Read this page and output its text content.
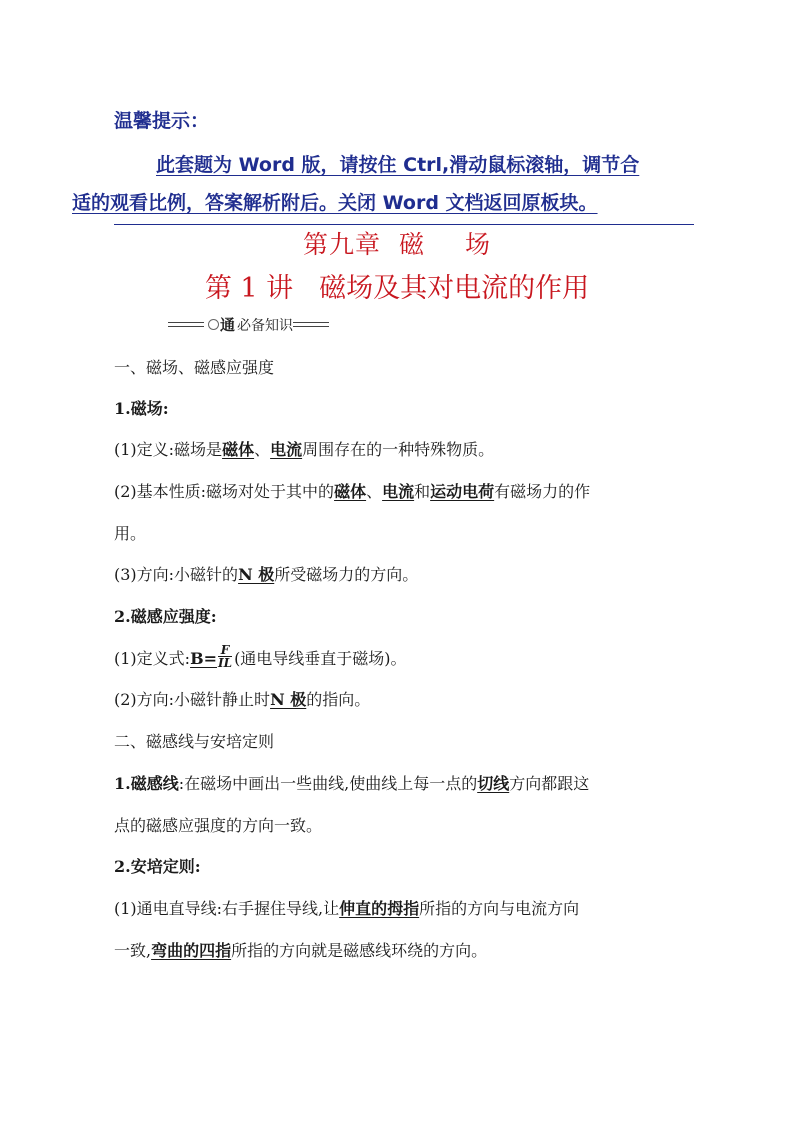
温馨提示：
此套题为 Word 版，请按住 Ctrl,滑动鼠标滚轴，调节合
适的观看比例，答案解析附后。关闭 Word 文档返回原板块。
第九章 磁 场
第 1 讲 磁场及其对电流的作用
通 必备知识
一、磁场、磁感应强度
1.磁场:
(1)定义:磁场是磁体、电流周围存在的一种特殊物质。
(2)基本性质:磁场对处于其中的磁体、电流和运动电荷有磁场力的作
用。
(3)方向:小磁针的N 极所受磁场力的方向。
2.磁感应强度:
(1)定义式:B= $\frac{F}{IL}$ (通电导线垂直于磁场)。
(2)方向:小磁针静止时N 极的指向。
二、磁感线与安培定则
1.磁感线:在磁场中画出一些曲线,使曲线上每一点的切线方向都跟这
点的磁感应强度的方向一致。
2.安培定则:
(1)通电直导线:右手握住导线,让伸直的拇指所指的方向与电流方向
一致,弯曲的四指所指的方向就是磁感线环绕的方向。
